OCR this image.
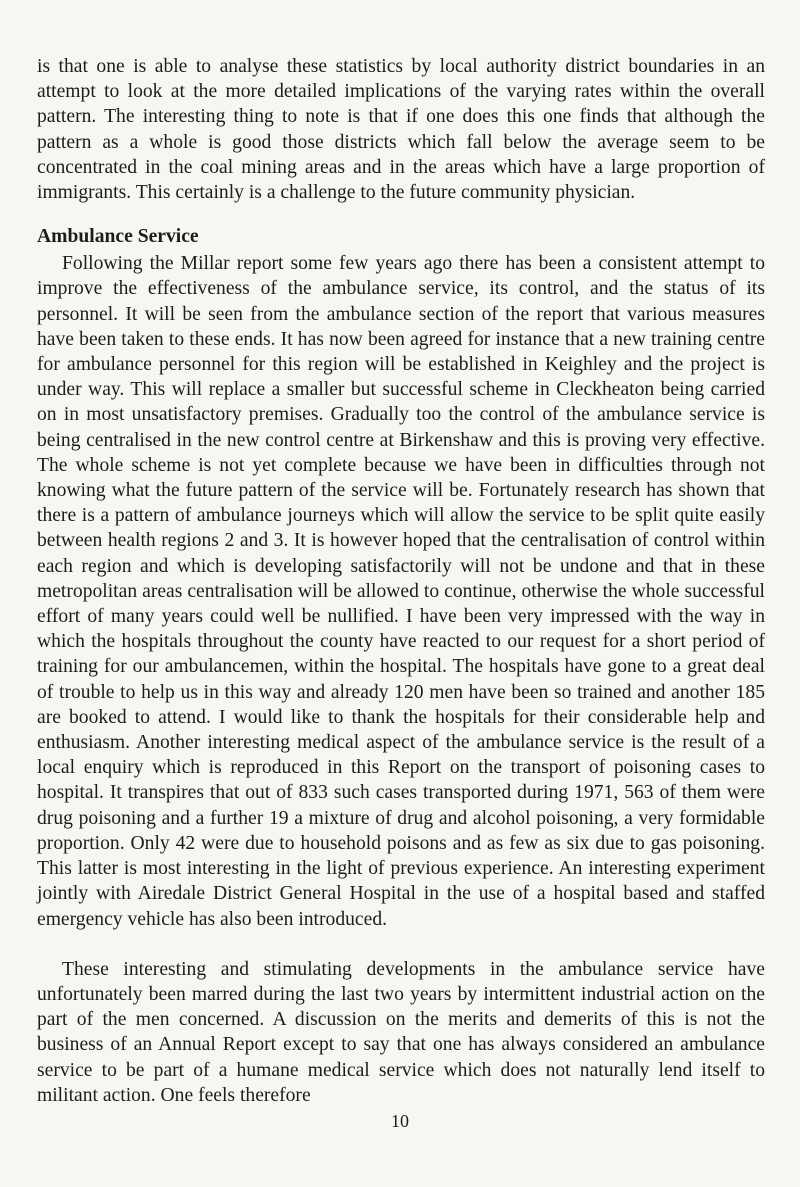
is that one is able to analyse these statistics by local authority district boundaries in an attempt to look at the more detailed implications of the varying rates within the overall pattern. The interesting thing to note is that if one does this one finds that although the pattern as a whole is good those districts which fall below the average seem to be concentrated in the coal mining areas and in the areas which have a large proportion of immigrants. This certainly is a challenge to the future community physician.

Ambulance Service

Following the Millar report some few years ago there has been a consistent attempt to improve the effectiveness of the ambulance service, its control, and the status of its personnel. It will be seen from the ambulance section of the report that various measures have been taken to these ends. It has now been agreed for instance that a new training centre for ambulance personnel for this region will be established in Keighley and the project is under way. This will replace a smaller but successful scheme in Cleckheaton being carried on in most unsatisfactory premises. Gradually too the control of the ambulance service is being centralised in the new control centre at Birkenshaw and this is proving very effective. The whole scheme is not yet complete because we have been in difficulties through not knowing what the future pattern of the service will be. Fortunately research has shown that there is a pattern of ambulance journeys which will allow the service to be split quite easily between health regions 2 and 3. It is however hoped that the centralisation of control within each region and which is developing satisfactorily will not be undone and that in these metropolitan areas centralisation will be allowed to continue, otherwise the whole successful effort of many years could well be nullified. I have been very impressed with the way in which the hospitals throughout the county have reacted to our request for a short period of training for our ambulancemen, within the hospital. The hospitals have gone to a great deal of trouble to help us in this way and already 120 men have been so trained and another 185 are booked to attend. I would like to thank the hospitals for their considerable help and enthusiasm. Another interesting medical aspect of the ambulance service is the result of a local enquiry which is reproduced in this Report on the transport of poisoning cases to hospital. It transpires that out of 833 such cases transported during 1971, 563 of them were drug poisoning and a further 19 a mixture of drug and alcohol poisoning, a very formidable proportion. Only 42 were due to household poisons and as few as six due to gas poisoning. This latter is most interesting in the light of previous experience. An interesting experiment jointly with Airedale District General Hospital in the use of a hospital based and staffed emergency vehicle has also been introduced.

These interesting and stimulating developments in the ambulance service have unfortunately been marred during the last two years by intermittent industrial action on the part of the men concerned. A discussion on the merits and demerits of this is not the business of an Annual Report except to say that one has always considered an ambulance service to be part of a humane medical service which does not naturally lend itself to militant action. One feels therefore

10
